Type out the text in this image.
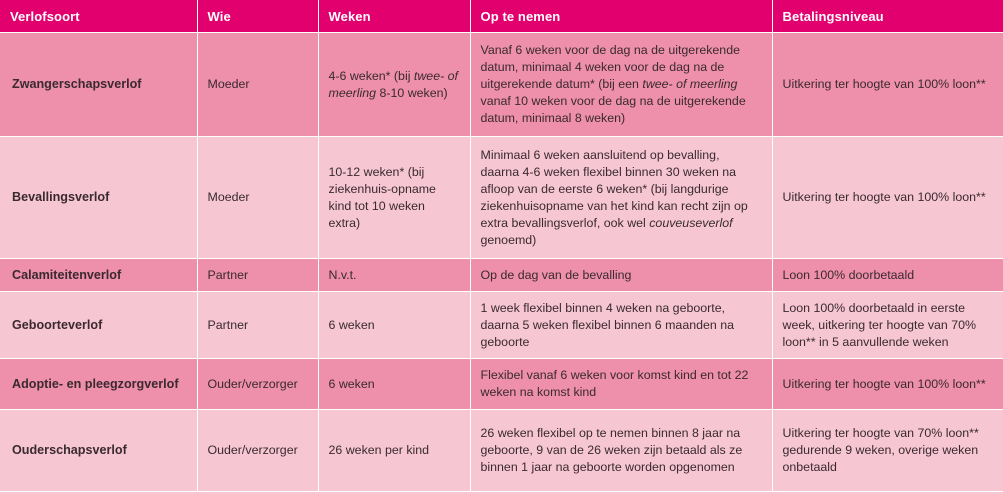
Verlofsoort	Wie	Weken	Op te nemen	Betalingsniveau
Zwangerschapsverlof	Moeder	4-6 weken* (bij twee- of meerling 8-10 weken)	Vanaf 6 weken voor de dag na de uitgerekende datum, minimaal 4 weken voor de dag na de uitgerekende datum* (bij een twee- of meerling vanaf 10 weken voor de dag na de uitgerekende datum, minimaal 8 weken)	Uitkering ter hoogte van 100% loon**
Bevallingsverlof	Moeder	10-12 weken* (bij ziekenhuis-opname kind tot 10 weken extra)	Minimaal 6 weken aansluitend op bevalling, daarna 4-6 weken flexibel binnen 30 weken na afloop van de eerste 6 weken* (bij langdurige ziekenhuisopname van het kind kan recht zijn op extra bevallingsverlof, ook wel couveuseverlof genoemd)	Uitkering ter hoogte van 100% loon**
Calamiteitenverlof	Partner	N.v.t.	Op de dag van de bevalling	Loon 100% doorbetaald
Geboorteverlof	Partner	6 weken	1 week flexibel binnen 4 weken na geboorte, daarna 5 weken flexibel binnen 6 maanden na geboorte	Loon 100% doorbetaald in eerste week, uitkering ter hoogte van 70% loon** in 5 aanvullende weken
Adoptie- en pleegzorgverlof	Ouder/verzorger	6 weken	Flexibel vanaf 6 weken voor komst kind en tot 22 weken na komst kind	Uitkering ter hoogte van 100% loon**
Ouderschapsverlof	Ouder/verzorger	26 weken per kind	26 weken flexibel op te nemen binnen 8 jaar na geboorte, 9 van de 26 weken zijn betaald als ze binnen 1 jaar na geboorte worden opgenomen	Uitkering ter hoogte van 70% loon** gedurende 9 weken, overige weken onbetaald
